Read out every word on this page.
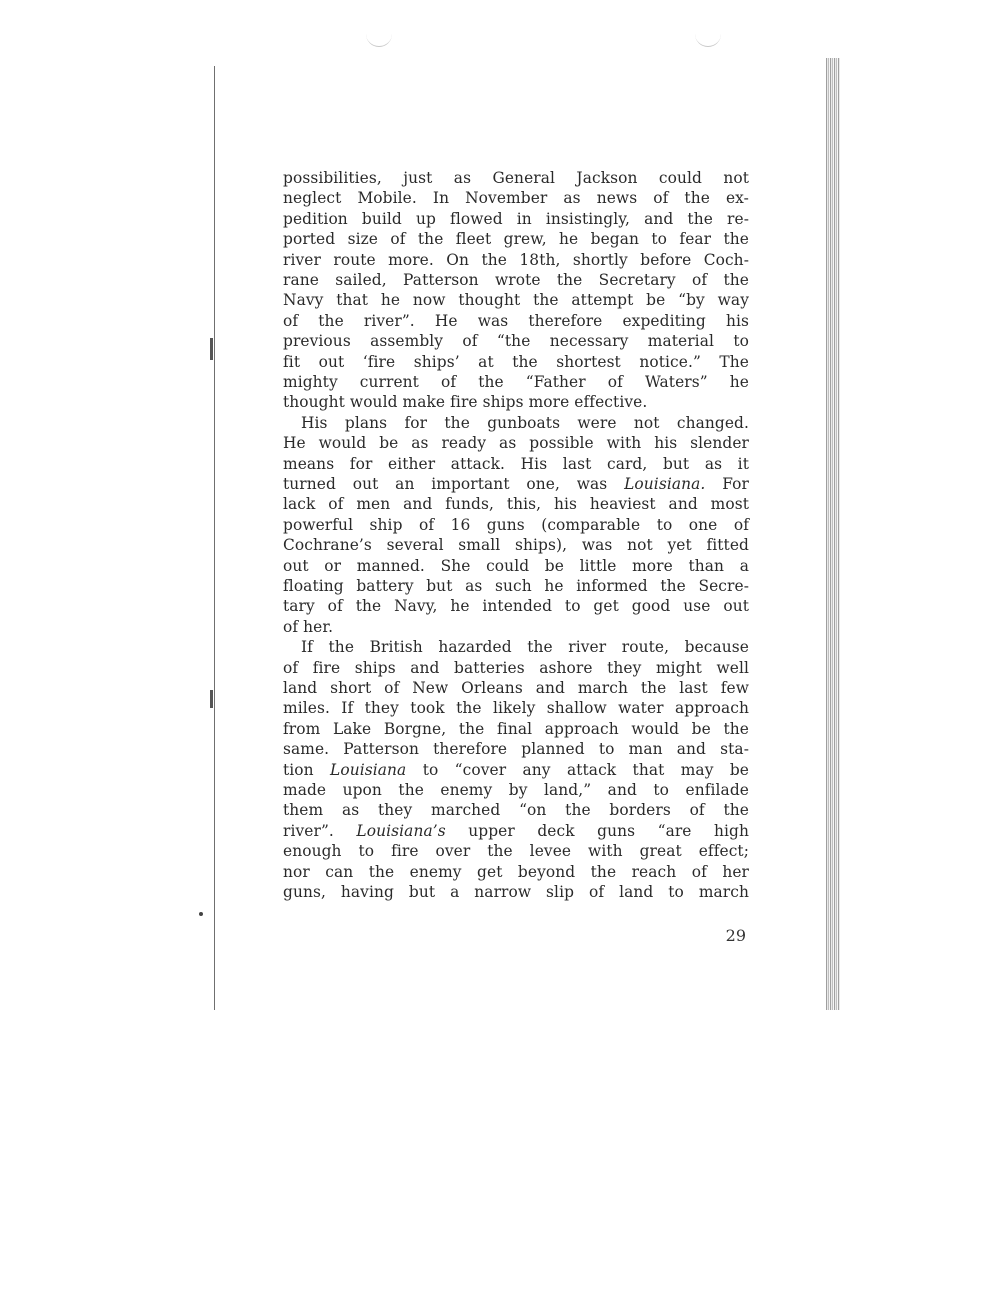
possibilities, just as General Jackson could not
neglect Mobile. In November as news of the ex-
pedition build up flowed in insistingly, and the re-
ported size of the fleet grew, he began to fear the
river route more. On the 18th, shortly before Coch-
rane sailed, Patterson wrote the Secretary of the
Navy that he now thought the attempt be “by way
of the river”. He was therefore expediting his
previous assembly of “the necessary material to
fit out ‘fire ships’ at the shortest notice.” The
mighty current of the “Father of Waters” he
thought would make fire ships more effective.
His plans for the gunboats were not changed.
He would be as ready as possible with his slender
means for either attack. His last card, but as it
turned out an important one, was Louisiana. For
lack of men and funds, this, his heaviest and most
powerful ship of 16 guns (comparable to one of
Cochrane’s several small ships), was not yet fitted
out or manned. She could be little more than a
floating battery but as such he informed the Secre-
tary of the Navy, he intended to get good use out
of her.
If the British hazarded the river route, because
of fire ships and batteries ashore they might well
land short of New Orleans and march the last few
miles. If they took the likely shallow water approach
from Lake Borgne, the final approach would be the
same. Patterson therefore planned to man and sta-
tion Louisiana to “cover any attack that may be
made upon the enemy by land,” and to enfilade
them as they marched “on the borders of the
river”. Louisiana’s upper deck guns “are high
enough to fire over the levee with great effect;
nor can the enemy get beyond the reach of her
guns, having but a narrow slip of land to march
29
